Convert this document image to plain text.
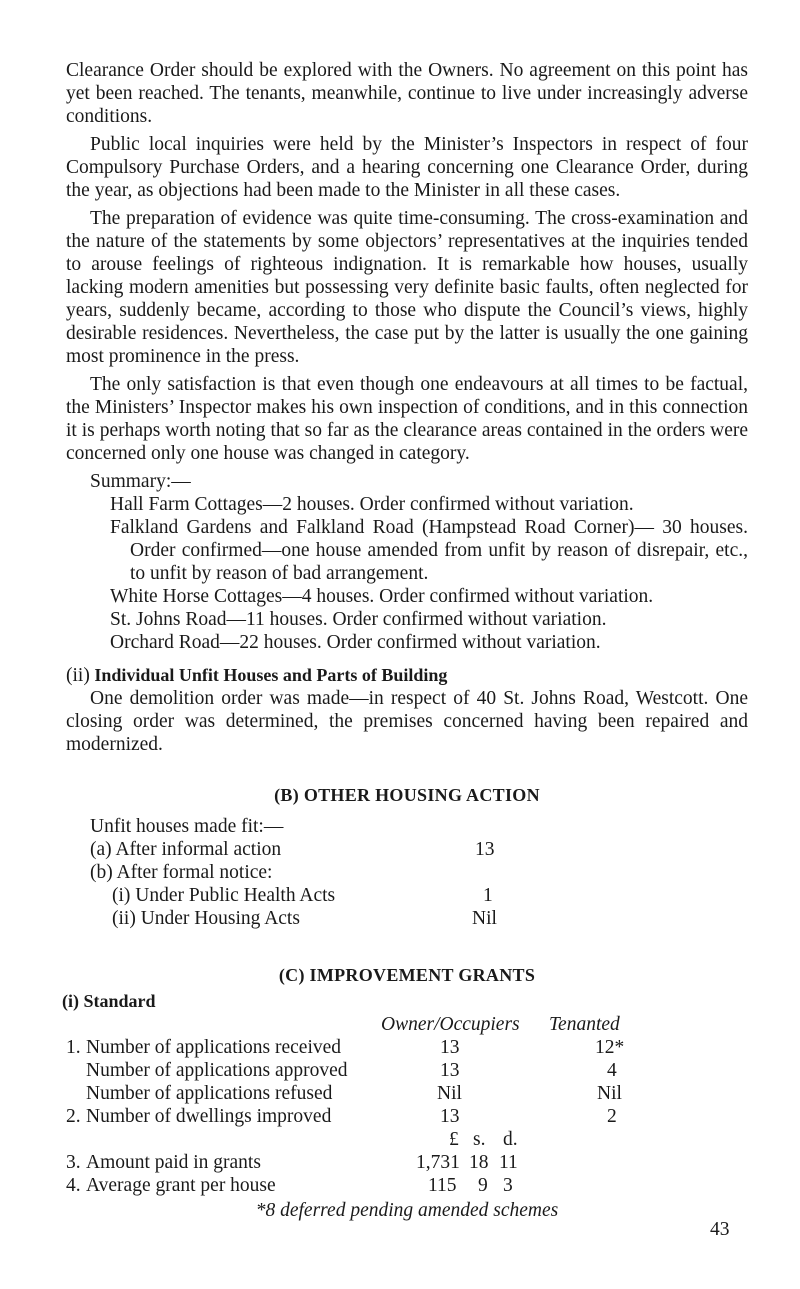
Clearance Order should be explored with the Owners. No agreement on this point has yet been reached. The tenants, meanwhile, continue to live under increasingly adverse conditions.

Public local inquiries were held by the Minister’s Inspectors in respect of four Compulsory Purchase Orders, and a hearing concerning one Clearance Order, during the year, as objections had been made to the Minister in all these cases.

The preparation of evidence was quite time-consuming. The cross-examination and the nature of the statements by some objectors’ representatives at the inquiries tended to arouse feelings of righteous indignation. It is remarkable how houses, usually lacking modern amenities but possessing very definite basic faults, often neglected for years, suddenly became, according to those who dispute the Council’s views, highly desirable residences. Nevertheless, the case put by the latter is usually the one gaining most prominence in the press.

The only satisfaction is that even though one endeavours at all times to be factual, the Ministers’ Inspector makes his own inspection of conditions, and in this connection it is perhaps worth noting that so far as the clearance areas contained in the orders were concerned only one house was changed in category.

Summary:—
Hall Farm Cottages—2 houses. Order confirmed without variation.
Falkland Gardens and Falkland Road (Hampstead Road Corner)— 30 houses. Order confirmed—one house amended from unfit by reason of disrepair, etc., to unfit by reason of bad arrangement.
White Horse Cottages—4 houses. Order confirmed without variation.
St. Johns Road—11 houses. Order confirmed without variation.
Orchard Road—22 houses. Order confirmed without variation.
(ii) Individual Unfit Houses and Parts of Building

One demolition order was made—in respect of 40 St. Johns Road, Westcott. One closing order was determined, the premises concerned having been repaired and modernized.

(B) OTHER HOUSING ACTION
Unfit houses made fit:—
(a) After informal action	13
(b) After formal notice:
(i) Under Public Health Acts	1
(ii) Under Housing Acts	Nil
(C) IMPROVEMENT GRANTS
(i) Standard
Owner/Occupiers Tenanted
1. Number of applications received	13	12*
Number of applications approved	13	4
Number of applications refused	Nil	Nil
2. Number of dwellings improved	13	2
£ s. d.
3. Amount paid in grants	1,731 18 11
4. Average grant per house	115 9 3
*8 deferred pending amended schemes
43
